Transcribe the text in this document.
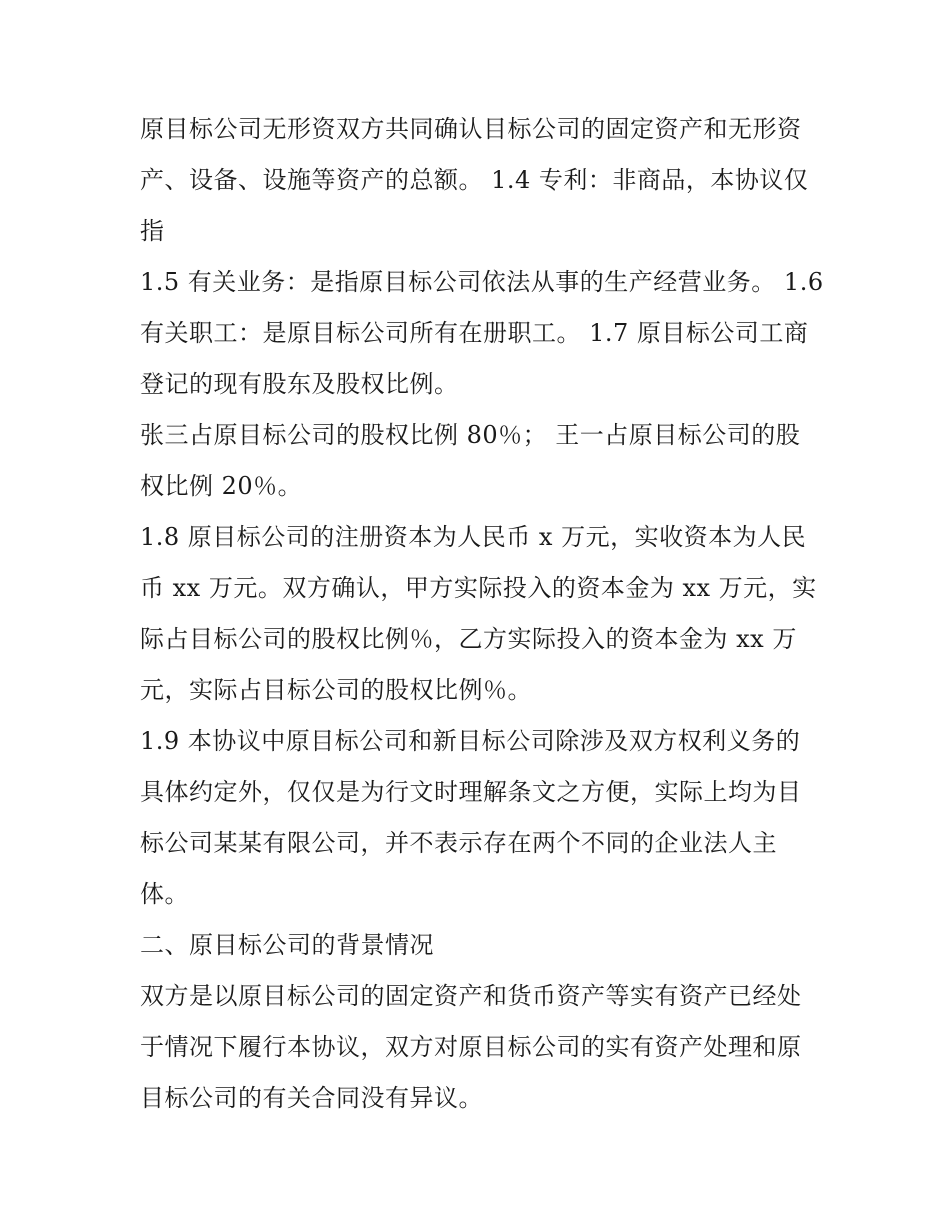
原目标公司无形资双方共同确认目标公司的固定资产和无形资
产、设备、设施等资产的总额。 1.4 专利：非商品，本协议仅
指

1.5 有关业务：是指原目标公司依法从事的生产经营业务。 1.6
有关职工：是原目标公司所有在册职工。 1.7 原目标公司工商
登记的现有股东及股权比例。

张三占原目标公司的股权比例 80％； 王一占原目标公司的股
权比例 20％。

1.8 原目标公司的注册资本为人民币 x 万元，实收资本为人民
币 xx 万元。双方确认，甲方实际投入的资本金为 xx 万元，实
际占目标公司的股权比例％，乙方实际投入的资本金为 xx 万
元，实际占目标公司的股权比例％。

1.9 本协议中原目标公司和新目标公司除涉及双方权利义务的
具体约定外，仅仅是为行文时理解条文之方便，实际上均为目
标公司某某有限公司，并不表示存在两个不同的企业法人主
体。

二、原目标公司的背景情况

双方是以原目标公司的固定资产和货币资产等实有资产已经处
于情况下履行本协议，双方对原目标公司的实有资产处理和原
目标公司的有关合同没有异议。
